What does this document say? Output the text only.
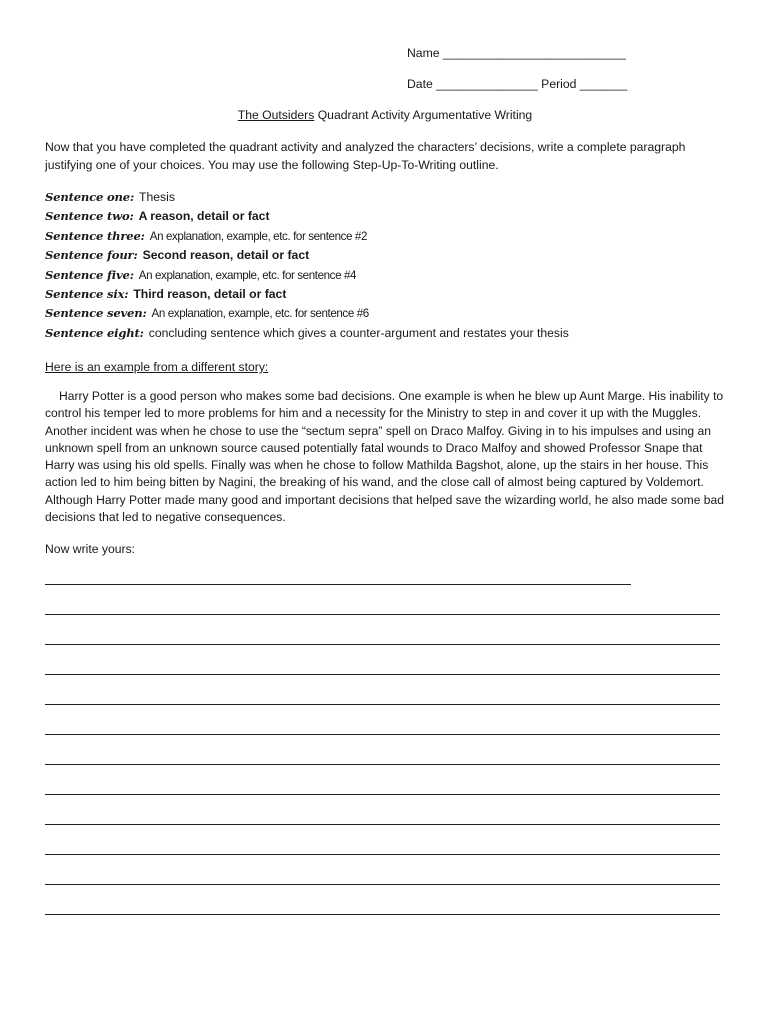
Name ___________________________
Date _______________ Period _______
The Outsiders Quadrant Activity Argumentative Writing
Now that you have completed the quadrant activity and analyzed the characters’ decisions, write a complete paragraph justifying one of your choices. You may use the following Step-Up-To-Writing outline.
Sentence one: Thesis
Sentence two: A reason, detail or fact
Sentence three: An explanation, example, etc. for sentence #2
Sentence four: Second reason, detail or fact
Sentence five: An explanation, example, etc. for sentence #4
Sentence six: Third reason, detail or fact
Sentence seven: An explanation, example, etc. for sentence #6
Sentence eight: concluding sentence which gives a counter-argument and restates your thesis
Here is an example from a different story:
Harry Potter is a good person who makes some bad decisions. One example is when he blew up Aunt Marge. His inability to control his temper led to more problems for him and a necessity for the Ministry to step in and cover it up with the Muggles. Another incident was when he chose to use the “sectum sepra” spell on Draco Malfoy. Giving in to his impulses and using an unknown spell from an unknown source caused potentially fatal wounds to Draco Malfoy and showed Professor Snape that Harry was using his old spells. Finally was when he chose to follow Mathilda Bagshot, alone, up the stairs in her house. This action led to him being bitten by Nagini, the breaking of his wand, and the close call of almost being captured by Voldemort. Although Harry Potter made many good and important decisions that helped save the wizarding world, he also made some bad decisions that led to negative consequences.
Now write yours:
